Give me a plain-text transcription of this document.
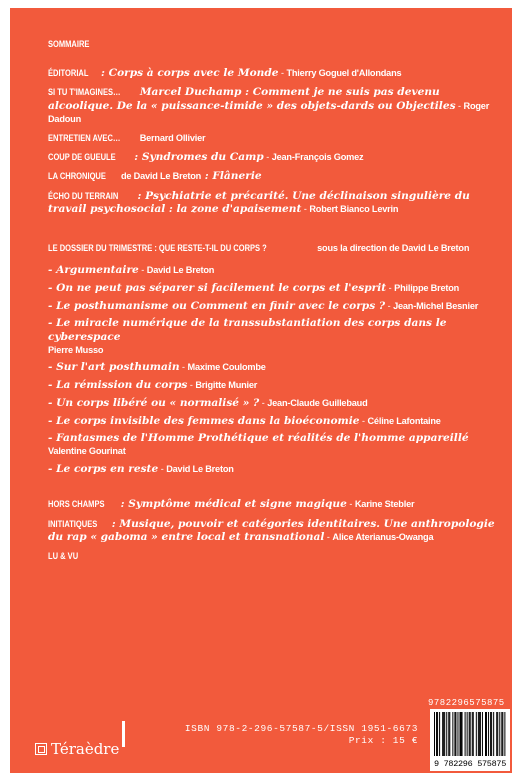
SOMMAIRE
ÉDITORIAL : Corps à corps avec le Monde - Thierry Goguel d'Allondans
SI TU T'IMAGINES… Marcel Duchamp : Comment je ne suis pas devenu alcoolique. De la « puissance-timide » des objets-dards ou Objectiles - Roger Dadoun
ENTRETIEN AVEC… Bernard Ollivier
COUP DE GUEULE : Syndromes du Camp - Jean-François Gomez
LA CHRONIQUE de David Le Breton : Flânerie
ÉCHO DU TERRAIN : Psychiatrie et précarité. Une déclinaison singulière du travail psychosocial : la zone d'apaisement - Robert Bianco Levrin
LE DOSSIER DU TRIMESTRE : QUE RESTE-T-IL DU CORPS ?	sous la direction de David Le Breton
- Argumentaire - David Le Breton
- On ne peut pas séparer si facilement le corps et l'esprit - Philippe Breton
- Le posthumanisme ou Comment en finir avec le corps ? - Jean-Michel Besnier
- Le miracle numérique de la transsubstantiation des corps dans le cyberespace
Pierre Musso
- Sur l'art posthumain - Maxime Coulombe
- La rémission du corps - Brigitte Munier
- Un corps libéré ou « normalisé » ? - Jean-Claude Guillebaud
- Le corps invisible des femmes dans la bioéconomie - Céline Lafontaine
- Fantasmes de l'Homme Prothétique et réalités de l'homme appareillé
Valentine Gourinat
- Le corps en reste - David Le Breton
HORS CHAMPS : Symptôme médical et signe magique - Karine Stebler
INITIATIQUES : Musique, pouvoir et catégories identitaires. Une anthropologie du rap « gaboma » entre local et transnational - Alice Aterianus-Owanga
LU & VU
9782296575875
ISBN 978-2-296-57587-5/ISSN 1951-6673
Prix : 15 €
Téraèdre
9 782296 575875
